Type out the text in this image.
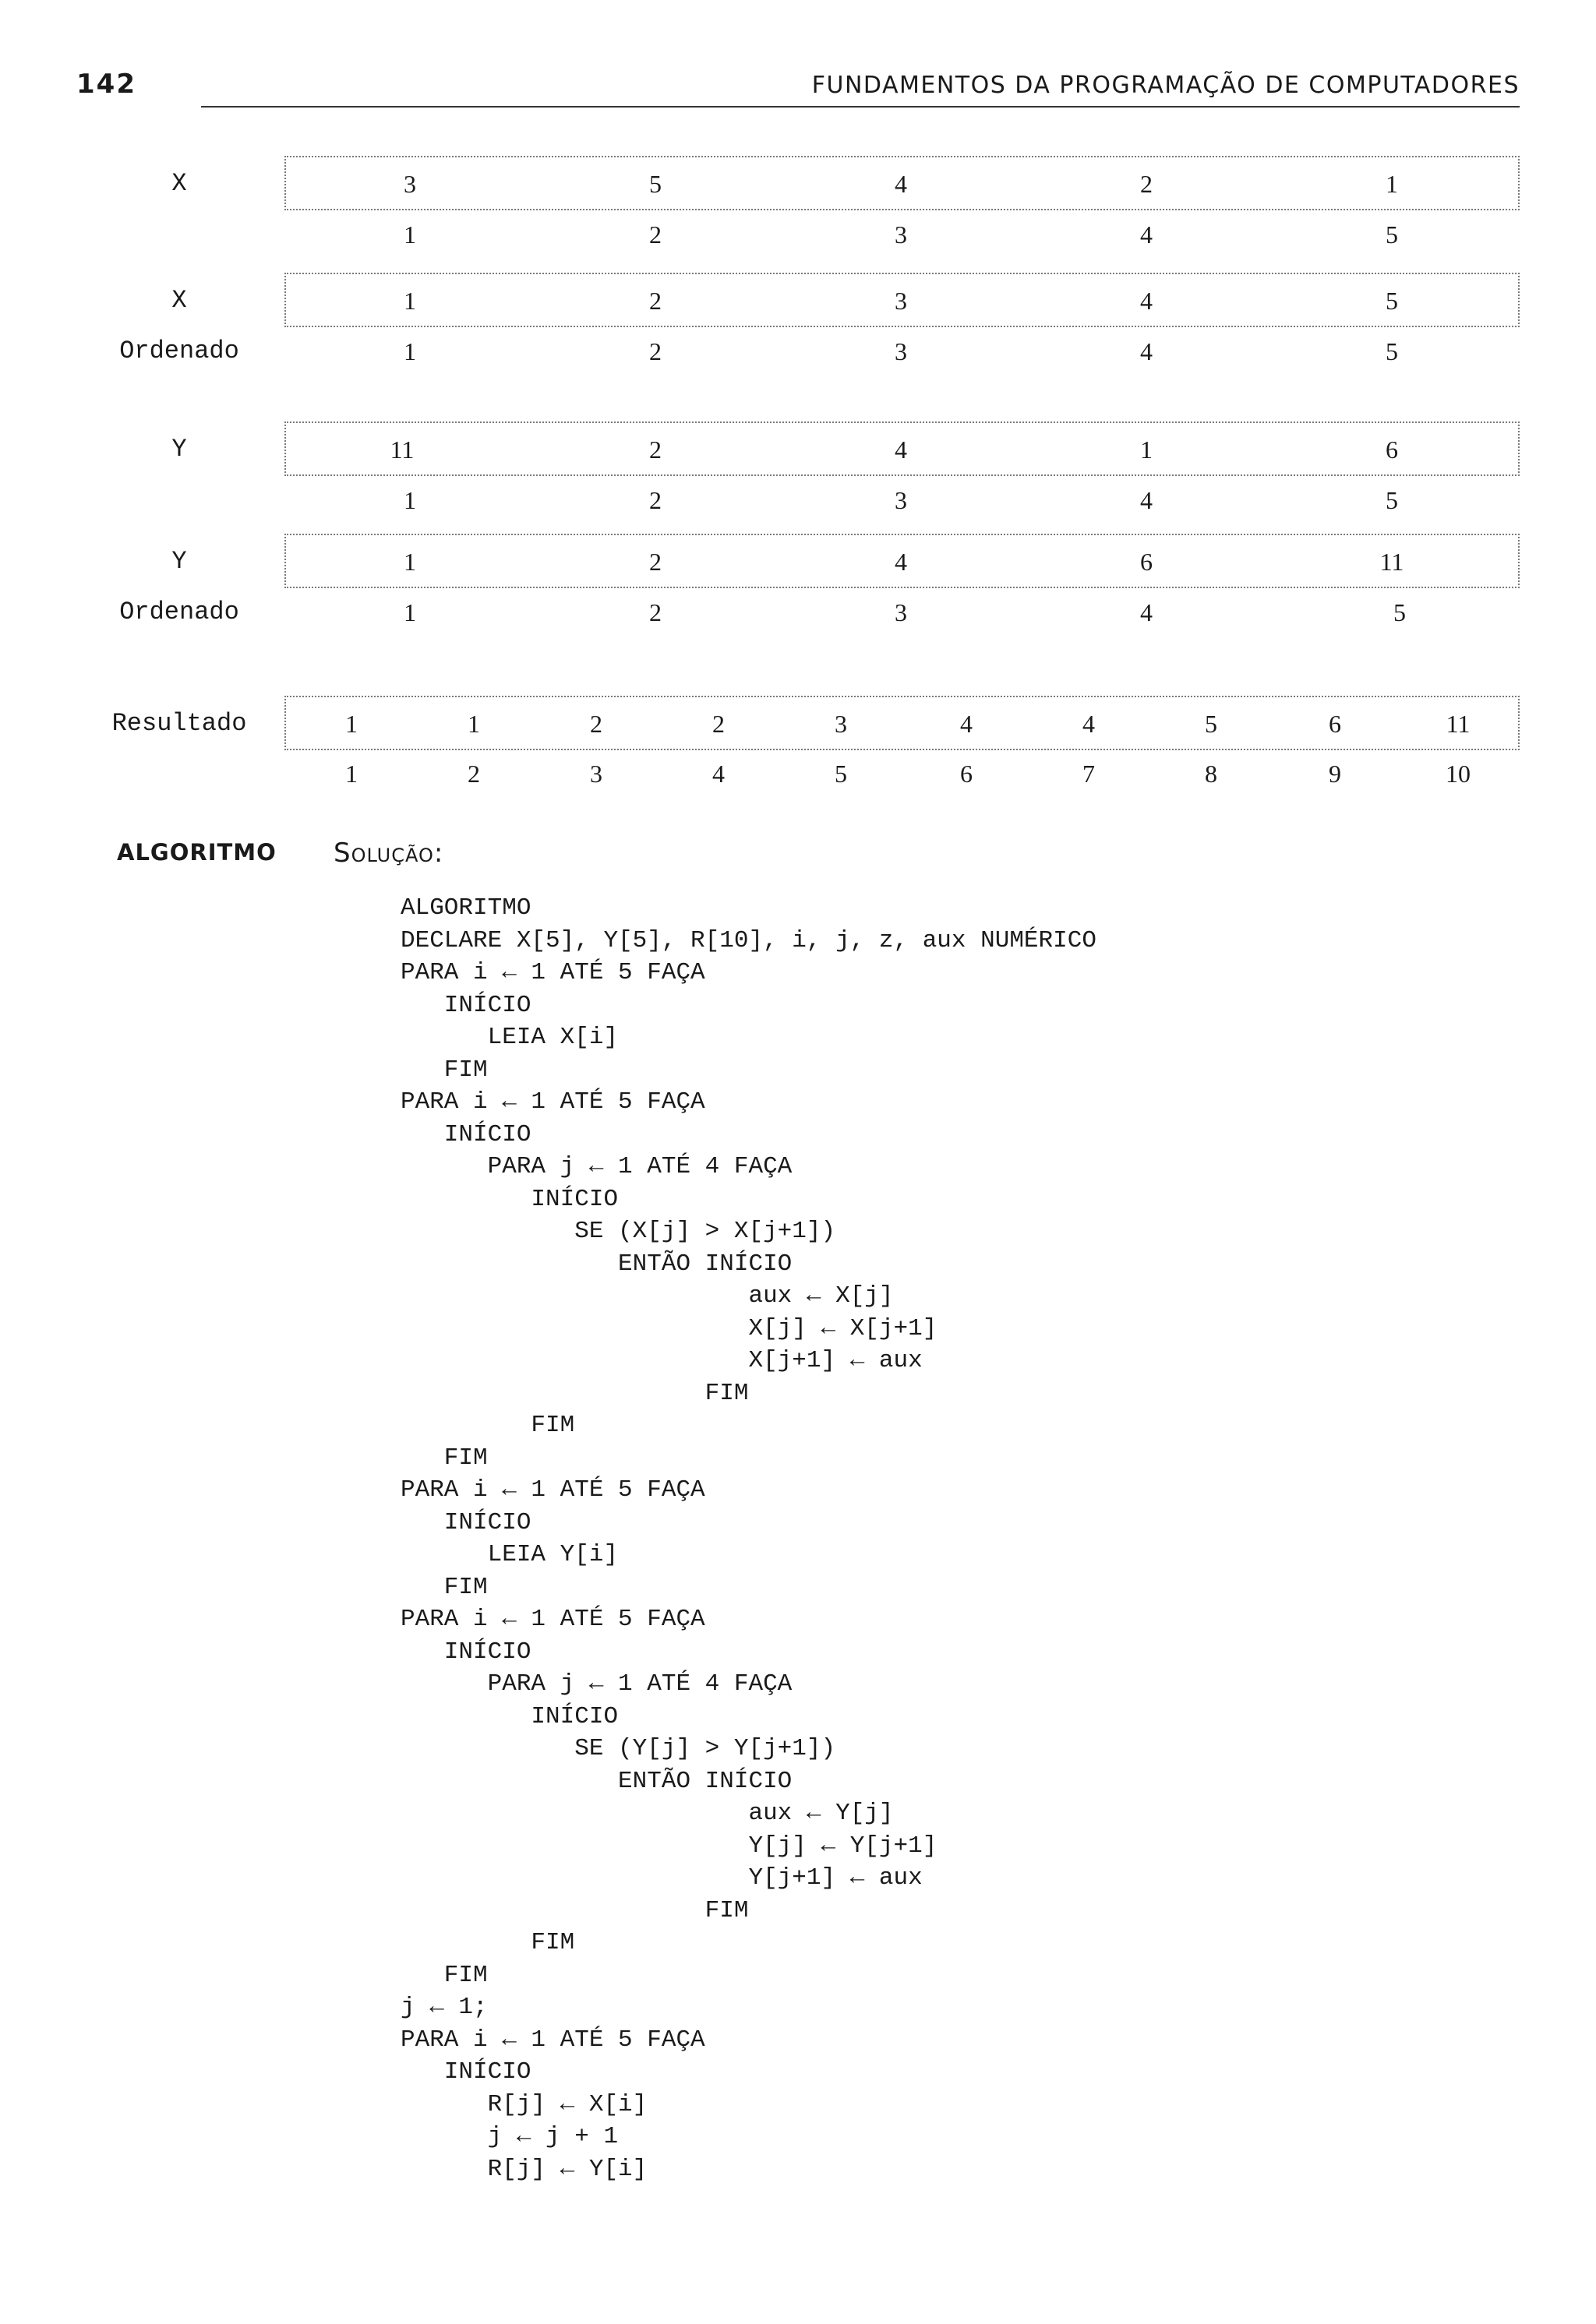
142	FUNDAMENTOS DA PROGRAMAÇÃO DE COMPUTADORES
X	3	5	4	2	1
1	2	3	4	5
X
Ordenado
1	2	3	4	5
1	2	3	4	5
Y	11	2	4	1	6
1	2	3	4	5
Y
Ordenado
1	2	4	6	11
1	2	3	4	5
Resultado	1	1	2	2	3	4	4	5	6	11
1	2	3	4	5	6	7	8	9	10
ALGORITMO Solução:
ALGORITMO
DECLARE X[5], Y[5], R[10], i, j, z, aux NUMÉRICO
PARA i ← 1 ATÉ 5 FAÇA
INÍCIO
LEIA X[i]
FIM
PARA i ← 1 ATÉ 5 FAÇA
INÍCIO
PARA j ← 1 ATÉ 4 FAÇA
INÍCIO
SE (X[j] > X[j+1])
ENTÃO INÍCIO
aux ← X[j]
X[j] ← X[j+1]
X[j+1] ← aux
FIM
FIM
FIM
PARA i ← 1 ATÉ 5 FAÇA
INÍCIO
LEIA Y[i]
FIM
PARA i ← 1 ATÉ 5 FAÇA
INÍCIO
PARA j ← 1 ATÉ 4 FAÇA
INÍCIO
SE (Y[j] > Y[j+1])
ENTÃO INÍCIO
aux ← Y[j]
Y[j] ← Y[j+1]
Y[j+1] ← aux
FIM
FIM
FIM
j ← 1;
PARA i ← 1 ATÉ 5 FAÇA
INÍCIO
R[j] ← X[i]
j ← j + 1
R[j] ← Y[i]
